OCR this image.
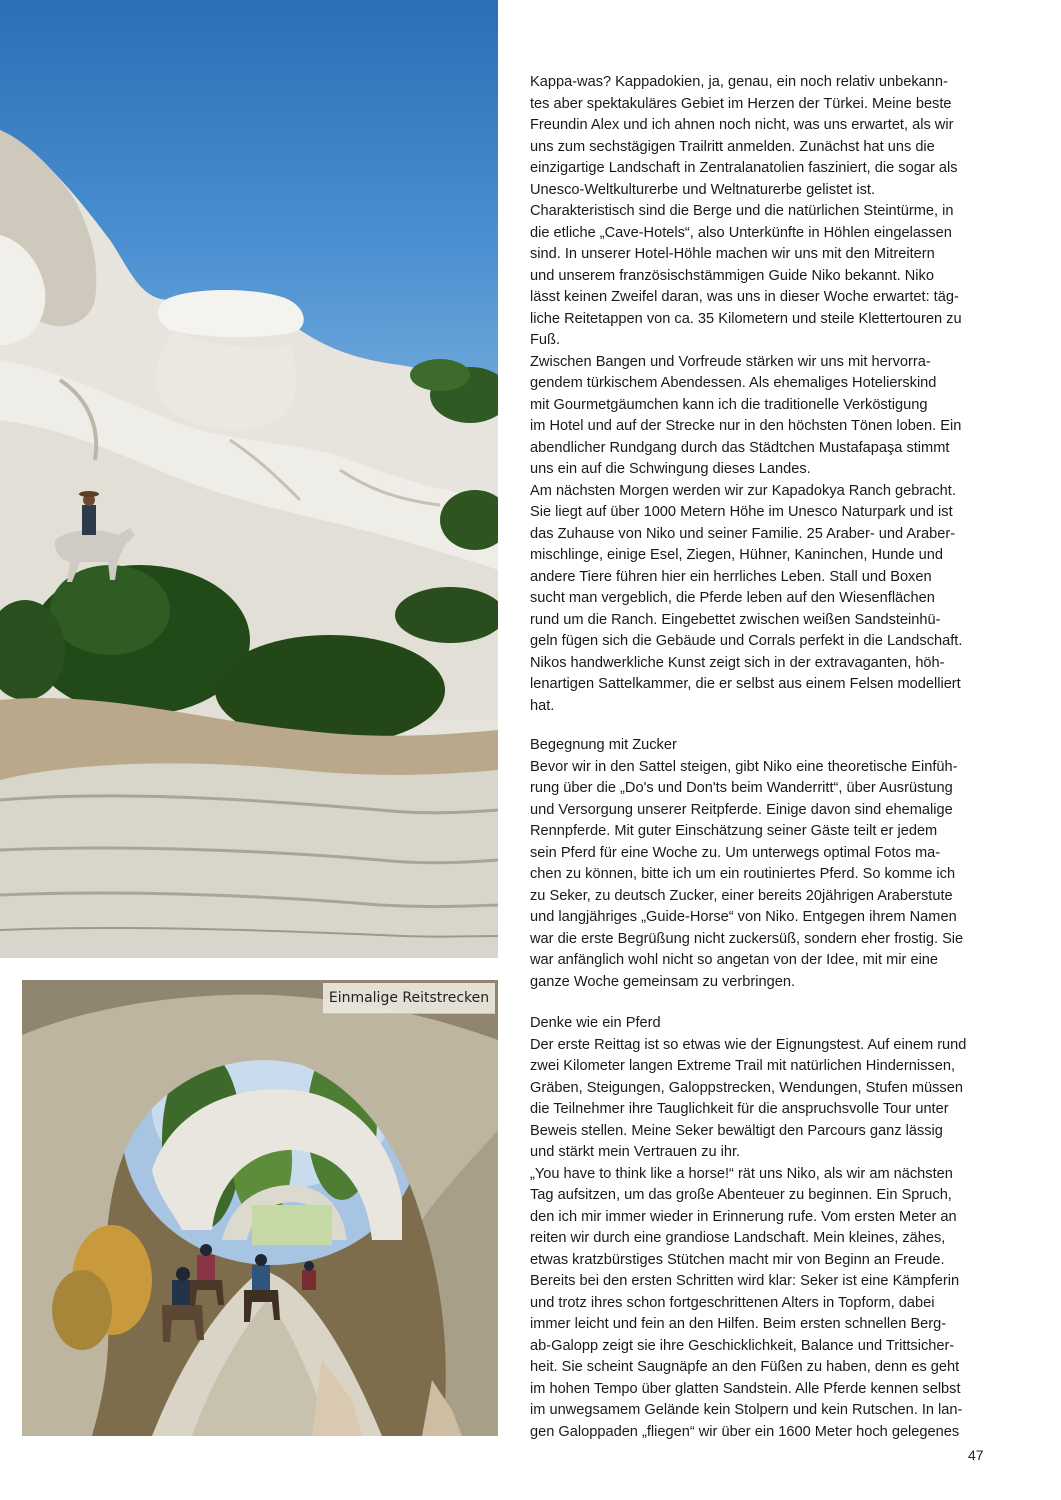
Einmalige Reitstrecken

Kappa-was? Kappadokien, ja, genau, ein noch relativ unbekann-
tes aber spektakuläres Gebiet im Herzen der Türkei. Meine beste
Freundin Alex und ich ahnen noch nicht, was uns erwartet, als wir
uns zum sechstägigen Trailritt anmelden. Zunächst hat uns die
einzigartige Landschaft in Zentralanatolien fasziniert, die sogar als
Unesco-Weltkulturerbe und Weltnaturerbe gelistet ist.
Charakteristisch sind die Berge und die natürlichen Steintürme, in
die etliche „Cave-Hotels“, also Unterkünfte in Höhlen eingelassen
sind. In unserer Hotel-Höhle machen wir uns mit den Mitreitern
und unserem französischstämmigen Guide Niko bekannt. Niko
lässt keinen Zweifel daran, was uns in dieser Woche erwartet: täg-
liche Reitetappen von ca. 35 Kilometern und steile Klettertouren zu
Fuß.

Zwischen Bangen und Vorfreude stärken wir uns mit hervorra-
gendem türkischem Abendessen. Als ehemaliges Hotelierskind
mit Gourmetgäumchen kann ich die traditionelle Verköstigung
im Hotel und auf der Strecke nur in den höchsten Tönen loben. Ein
abendlicher Rundgang durch das Städtchen Mustafapaşa stimmt
uns ein auf die Schwingung dieses Landes.

Am nächsten Morgen werden wir zur Kapadokya Ranch gebracht.
Sie liegt auf über 1000 Metern Höhe im Unesco Naturpark und ist
das Zuhause von Niko und seiner Familie. 25 Araber- und Araber-
mischlinge, einige Esel, Ziegen, Hühner, Kaninchen, Hunde und
andere Tiere führen hier ein herrliches Leben. Stall und Boxen
sucht man vergeblich, die Pferde leben auf den Wiesenflächen
rund um die Ranch. Eingebettet zwischen weißen Sandsteinhü-
geln fügen sich die Gebäude und Corrals perfekt in die Landschaft.
Nikos handwerkliche Kunst zeigt sich in der extravaganten, höh-
lenartigen Sattelkammer, die er selbst aus einem Felsen modelliert
hat.

Begegnung mit Zucker

Bevor wir in den Sattel steigen, gibt Niko eine theoretische Einfüh-
rung über die „Do's und Don'ts beim Wanderritt“, über Ausrüstung
und Versorgung unserer Reitpferde. Einige davon sind ehemalige
Rennpferde. Mit guter Einschätzung seiner Gäste teilt er jedem
sein Pferd für eine Woche zu. Um unterwegs optimal Fotos ma-
chen zu können, bitte ich um ein routiniertes Pferd. So komme ich
zu Seker, zu deutsch Zucker, einer bereits 20jährigen Araberstute
und langjähriges „Guide-Horse“ von Niko. Entgegen ihrem Namen
war die erste Begrüßung nicht zuckersüß, sondern eher frostig. Sie
war anfänglich wohl nicht so angetan von der Idee, mit mir eine
ganze Woche gemeinsam zu verbringen.

Denke wie ein Pferd

Der erste Reittag ist so etwas wie der Eignungstest. Auf einem rund
zwei Kilometer langen Extreme Trail mit natürlichen Hindernissen,
Gräben, Steigungen, Galoppstrecken, Wendungen, Stufen müssen
die Teilnehmer ihre Tauglichkeit für die anspruchsvolle Tour unter
Beweis stellen. Meine Seker bewältigt den Parcours ganz lässig
und stärkt mein Vertrauen zu ihr.

„You have to think like a horse!“ rät uns Niko, als wir am nächsten
Tag aufsitzen, um das große Abenteuer zu beginnen. Ein Spruch,
den ich mir immer wieder in Erinnerung rufe. Vom ersten Meter an
reiten wir durch eine grandiose Landschaft. Mein kleines, zähes,
etwas kratzbürstiges Stütchen macht mir von Beginn an Freude.
Bereits bei den ersten Schritten wird klar: Seker ist eine Kämpferin
und trotz ihres schon fortgeschrittenen Alters in Topform, dabei
immer leicht und fein an den Hilfen. Beim ersten schnellen Berg-
ab-Galopp zeigt sie ihre Geschicklichkeit, Balance und Trittsicher-
heit. Sie scheint Saugnäpfe an den Füßen zu haben, denn es geht
im hohen Tempo über glatten Sandstein. Alle Pferde kennen selbst
im unwegsamem Gelände kein Stolpern und kein Rutschen. In lan-
gen Galoppaden „fliegen“ wir über ein 1600 Meter hoch gelegenes

47
